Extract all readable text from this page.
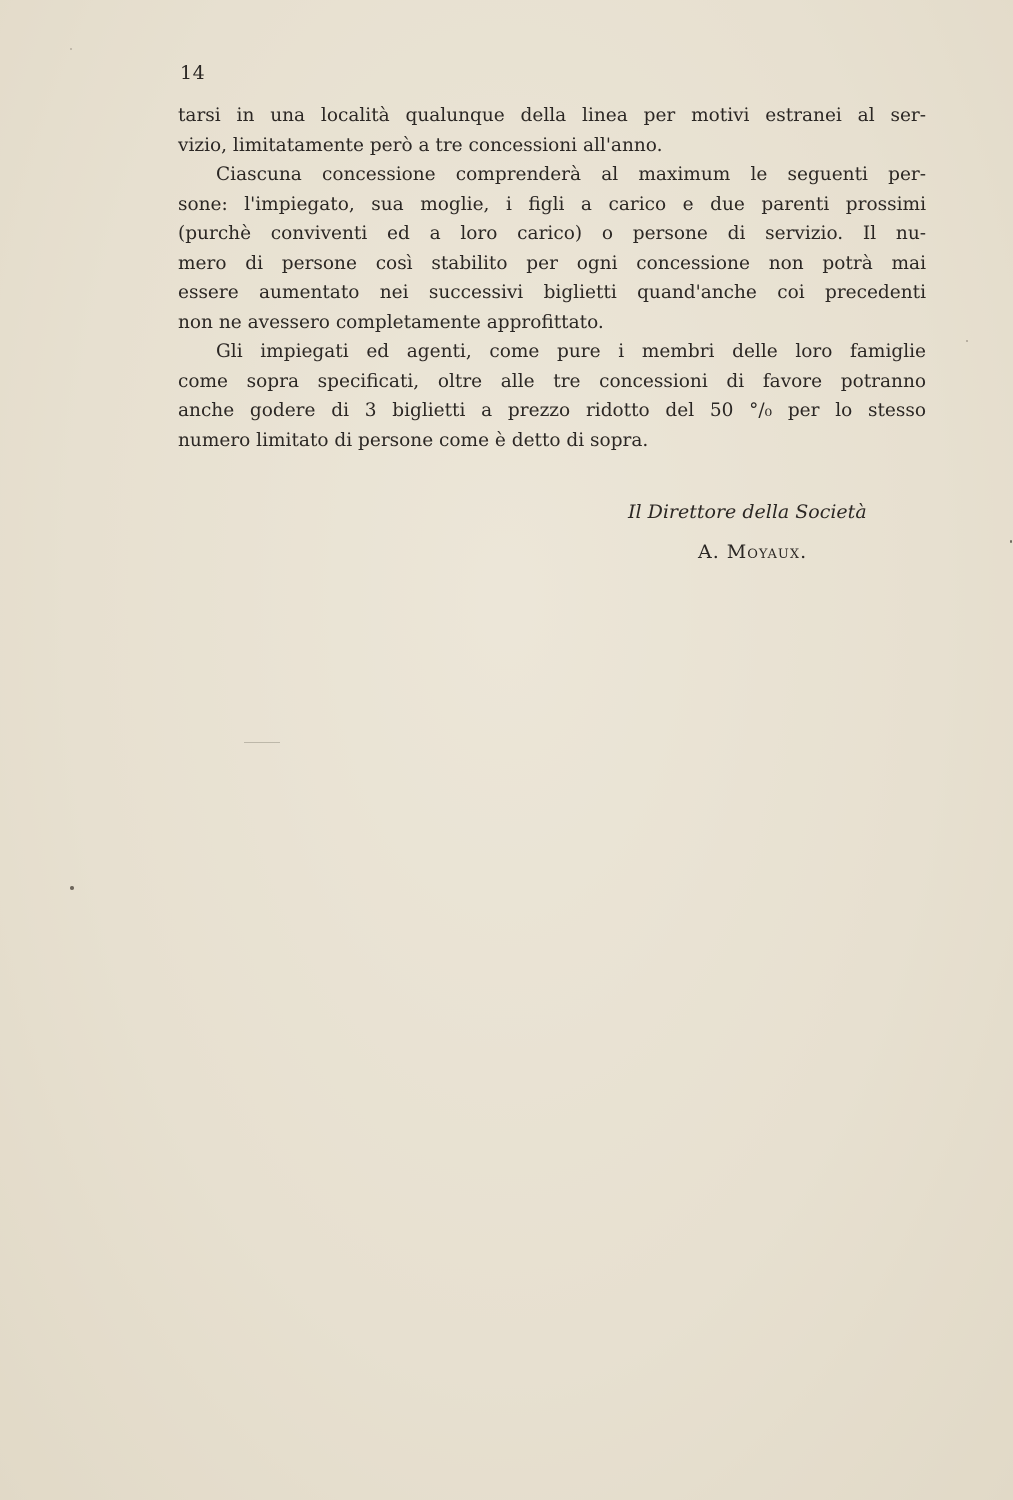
14
tarsi in una località qualunque della linea per motivi estranei al ser-
vizio, limitatamente però a tre concessioni all'anno.
Ciascuna concessione comprenderà al maximum le seguenti per-
sone: l'impiegato, sua moglie, i figli a carico e due parenti prossimi
(purchè conviventi ed a loro carico) o persone di servizio. Il nu-
mero di persone così stabilito per ogni concessione non potrà mai
essere aumentato nei successivi biglietti quand'anche coi precedenti
non ne avessero completamente approfittato.
Gli impiegati ed agenti, come pure i membri delle loro famiglie
come sopra specificati, oltre alle tre concessioni di favore potranno
anche godere di 3 biglietti a prezzo ridotto del 50 °/₀ per lo stesso
numero limitato di persone come è detto di sopra.
Il Direttore della Società
A. Moyaux.
